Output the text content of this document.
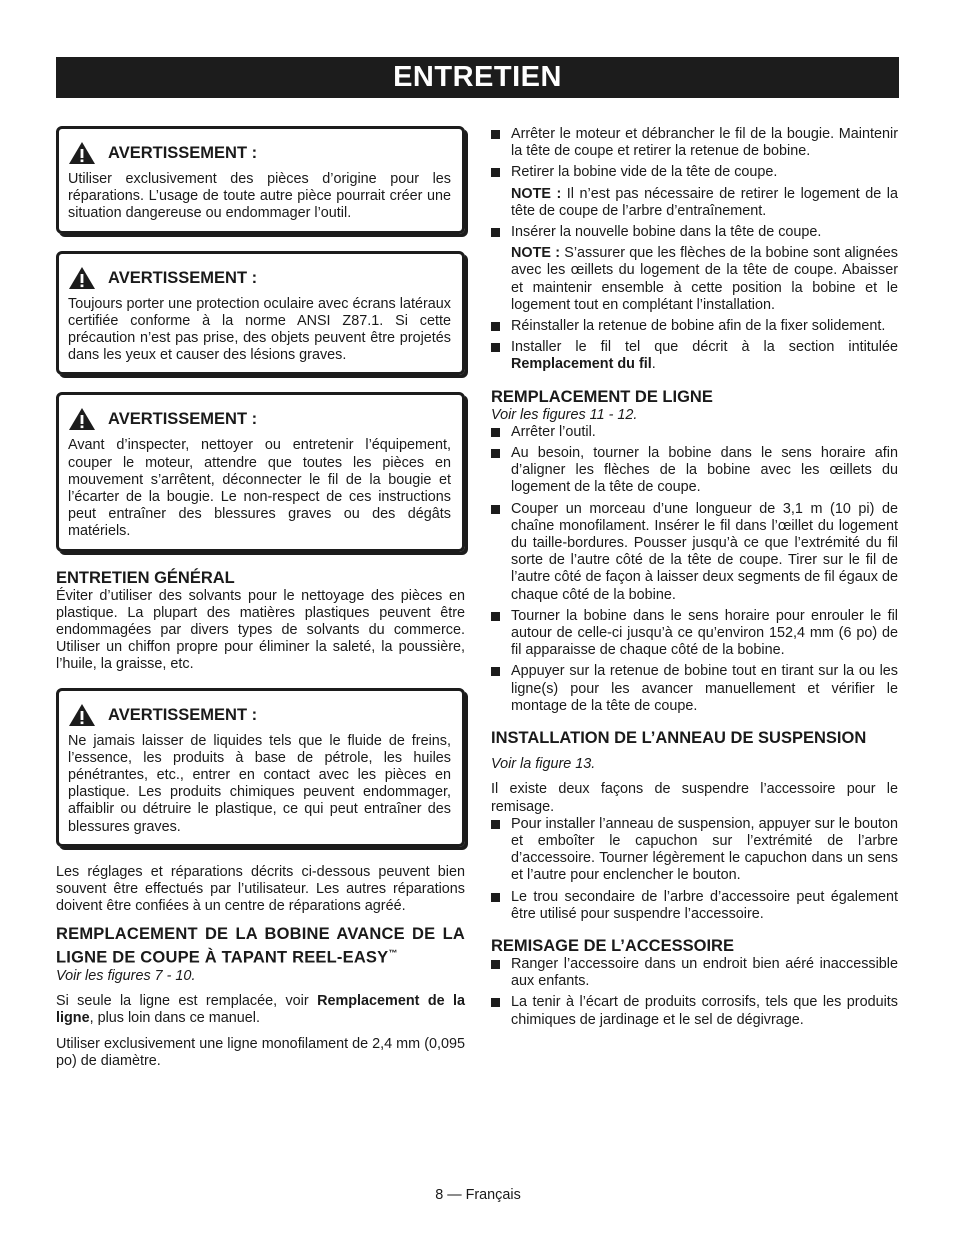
ENTRETIEN
AVERTISSEMENT :

Utiliser exclusivement des pièces d’origine pour les réparations. L’usage de toute autre pièce pourrait créer une situation dangereuse ou endommager l’outil.

AVERTISSEMENT :

Toujours porter une protection oculaire avec écrans latéraux certifiée conforme à la norme ANSI Z87.1. Si cette précaution n’est pas prise, des objets peuvent être projetés dans les yeux et causer des lésions graves.

AVERTISSEMENT :

Avant d’inspecter, nettoyer ou entretenir l’équipement, couper le moteur, attendre que toutes les pièces en mouvement s’arrêtent, déconnecter le fil de la bougie et l’écarter de la bougie. Le non-respect de ces instructions peut entraîner des blessures graves ou des dégâts matériels.

ENTRETIEN GÉNÉRAL

Éviter d’utiliser des solvants pour le nettoyage des pièces en plastique. La plupart des matières plastiques peuvent être endommagées par divers types de solvants du commerce. Utiliser un chiffon propre pour éliminer la saleté, la poussière, l’huile, la graisse, etc.

AVERTISSEMENT :

Ne jamais laisser de liquides tels que le fluide de freins, l’essence, les produits à base de pétrole, les huiles pénétrantes, etc., entrer en contact avec les pièces en plastique. Les produits chimiques peuvent endommager, affaiblir ou détruire le plastique, ce qui peut entraîner des blessures graves.

Les réglages et réparations décrits ci-dessous peuvent bien souvent être effectués par l’utilisateur. Les autres réparations doivent être confiées à un centre de réparations agréé.

REMPLACEMENT DE LA BOBINE AVANCE DE LA LIGNE DE COUPE À TAPANT REEL-EASY™

Voir les figures 7 - 10.

Si seule la ligne est remplacée, voir Remplacement de la ligne, plus loin dans ce manuel.

Utiliser exclusivement une ligne monofilament de 2,4 mm (0,095 po) de diamètre.

Arrêter le moteur et débrancher le fil de la bougie. Maintenir la tête de coupe et retirer la retenue de bobine.
Retirer la bobine vide de la tête de coupe.

NOTE : Il n’est pas nécessaire de retirer le logement de la tête de coupe de l’arbre d’entraînement.

Insérer la nouvelle bobine dans la tête de coupe.

NOTE : S’assurer que les flèches de la bobine sont alignées avec les œillets du logement de la tête de coupe. Abaisser et maintenir ensemble à cette position la bobine et le logement tout en complétant l’installation.

Réinstaller la retenue de bobine afin de la fixer solidement.
Installer le fil tel que décrit à la section intitulée Remplacement du fil.
REMPLACEMENT DE LIGNE

Voir les figures 11 - 12.

Arrêter l’outil.
Au besoin, tourner la bobine dans le sens horaire afin d’aligner les flèches de la bobine avec les œillets du logement de la tête de coupe.
Couper un morceau d’une longueur de 3,1 m (10 pi) de chaîne monofilament. Insérer le fil dans l’œillet du logement du taille-bordures. Pousser jusqu’à ce que l’extrémité du fil sorte de l’autre côté de la tête de coupe. Tirer sur le fil de l’autre côté de façon à laisser deux segments de fil égaux de chaque côté de la bobine.
Tourner la bobine dans le sens horaire pour enrouler le fil autour de celle-ci jusqu’à ce qu’environ 152,4 mm (6 po) de fil apparaisse de chaque côté de la bobine.
Appuyer sur la retenue de bobine tout en tirant sur la ou les ligne(s) pour les avancer manuellement et vérifier le montage de la tête de coupe.
INSTALLATION DE L’ANNEAU DE SUSPENSION

Voir la figure 13.

Il existe deux façons de suspendre l’accessoire pour le remisage.

Pour installer l’anneau de suspension, appuyer sur le bouton et emboîter le capuchon sur l’extrémité de l’arbre d’accessoire. Tourner légèrement le capuchon dans un sens et l’autre pour enclencher le bouton.
Le trou secondaire de l’arbre d’accessoire peut également être utilisé pour suspendre l’accessoire.
REMISAGE DE L’ACCESSOIRE
Ranger l’accessoire dans un endroit bien aéré inaccessible aux enfants.
La tenir à l’écart de produits corrosifs, tels que les produits chimiques de jardinage et le sel de dégivrage.
8 — Français
